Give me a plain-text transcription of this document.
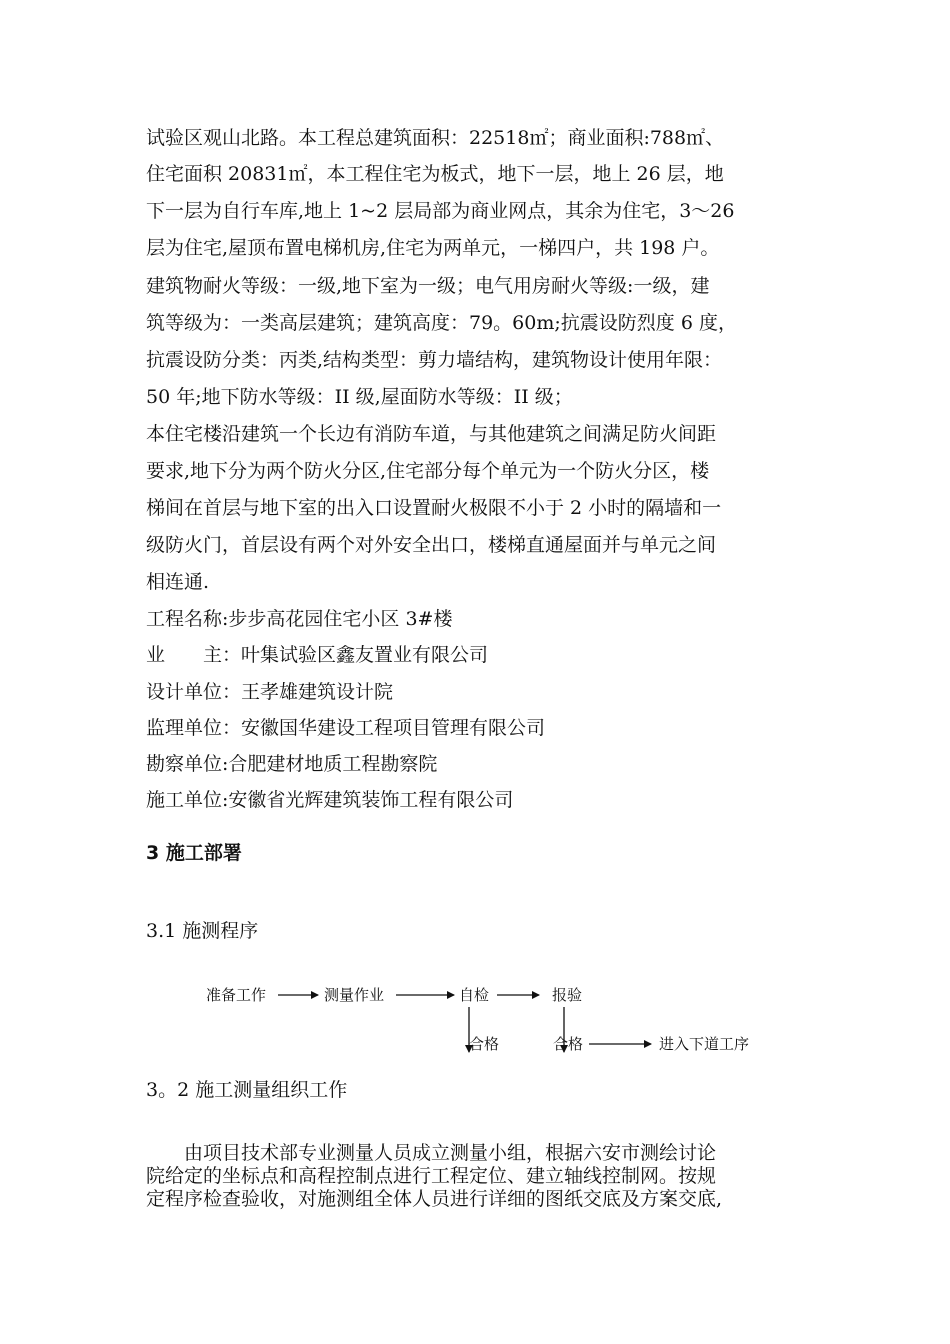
试验区观山北路。本工程总建筑面积：22518㎡；商业面积:788㎡、
住宅面积 20831㎡，本工程住宅为板式，地下一层，地上 26 层，地
下一层为自行车库,地上 1~2 层局部为商业网点，其余为住宅，3～26
层为住宅,屋顶布置电梯机房,住宅为两单元，一梯四户，共 198 户。
建筑物耐火等级：一级,地下室为一级；电气用房耐火等级:一级，建
筑等级为：一类高层建筑；建筑高度：79。60m;抗震设防烈度 6 度，
抗震设防分类：丙类,结构类型：剪力墙结构，建筑物设计使用年限：
50 年;地下防水等级：II 级,屋面防水等级：II 级；
本住宅楼沿建筑一个长边有消防车道，与其他建筑之间满足防火间距
要求,地下分为两个防火分区,住宅部分每个单元为一个防火分区，楼
梯间在首层与地下室的出入口设置耐火极限不小于 2 小时的隔墙和一
级防火门，首层设有两个对外安全出口，楼梯直通屋面并与单元之间
相连通.
工程名称:步步高花园住宅小区 3#楼
业　　主：叶集试验区鑫友置业有限公司
设计单位：王孝雄建筑设计院
监理单位：安徽国华建设工程项目管理有限公司
勘察单位:合肥建材地质工程勘察院
施工单位:安徽省光辉建筑装饰工程有限公司
3 施工部署
3.1 施测程序
准备工作	测量作业	自检	报验
合格	合格	进入下道工序
3。2 施工测量组织工作
　　由项目技术部专业测量人员成立测量小组，根据六安市测绘讨论
院给定的坐标点和高程控制点进行工程定位、建立轴线控制网。按规
定程序检查验收，对施测组全体人员进行详细的图纸交底及方案交底,
